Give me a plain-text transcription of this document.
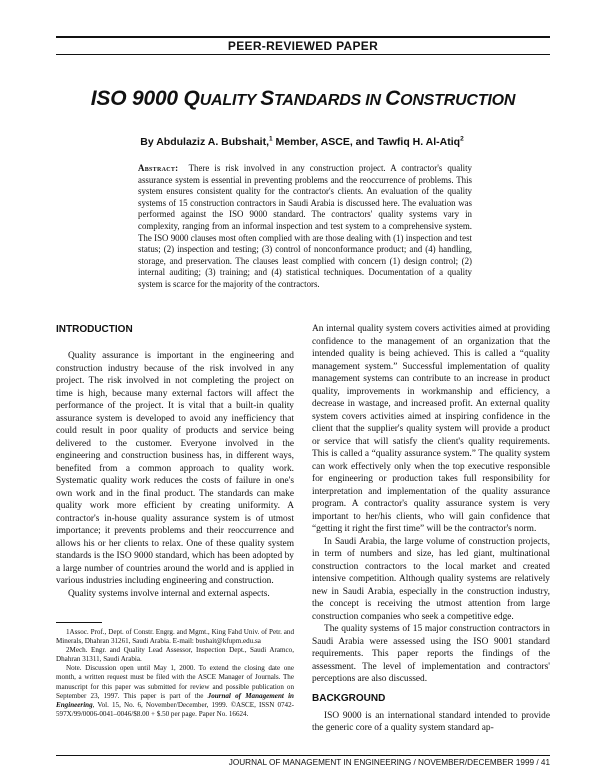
PEER-REVIEWED PAPER
ISO 9000 QUALITY STANDARDS IN CONSTRUCTION
By Abdulaziz A. Bubshait,$^1$ Member, ASCE, and Tawfiq H. Al-Atiq$^2$

Abstract: There is risk involved in any construction project. A contractor's quality assurance system is essential in preventing problems and the reoccurrence of problems. This system ensures consistent quality for the contractor's clients. An evaluation of the quality systems of 15 construction contractors in Saudi Arabia is discussed here. The evaluation was performed against the ISO 9000 standard. The contractors' quality systems vary in complexity, ranging from an informal inspection and test system to a comprehensive system. The ISO 9000 clauses most often complied with are those dealing with (1) inspection and test status; (2) inspection and testing; (3) control of nonconformance product; and (4) handling, storage, and preservation. The clauses least complied with concern (1) design control; (2) internal auditing; (3) training; and (4) statistical techniques. Documentation of a quality system is scarce for the majority of the contractors.

INTRODUCTION

Quality assurance is important in the engineering and construction industry because of the risk involved in any project. The risk involved in not completing the project on time is high, because many external factors will affect the performance of the project. It is vital that a built-in quality assurance system is developed to avoid any inefficiency that could result in poor quality of products and service being delivered to the customer. Everyone involved in the engineering and construction business has, in different ways, benefited from a common approach to quality work. Systematic quality work reduces the costs of failure in one's own work and in the final product. The standards can make quality work more efficient by creating uniformity. A contractor's in-house quality assurance system is of utmost importance; it prevents problems and their reoccurrence and allows his or her clients to relax. One of these quality system standards is the ISO 9000 standard, which has been adopted by a large number of countries around the world and is applied in various industries including engineering and construction.

Quality systems involve internal and external aspects.

1Assoc. Prof., Dept. of Constr. Engrg. and Mgmt., King Fahd Univ. of Petr. and Minerals, Dhahran 31261, Saudi Arabia. E-mail: bushait@kfupm.edu.sa

2Mech. Engr. and Quality Lead Assessor, Inspection Dept., Saudi Aramco, Dhahran 31311, Saudi Arabia.

Note. Discussion open until May 1, 2000. To extend the closing date one month, a written request must be filed with the ASCE Manager of Journals. The manuscript for this paper was submitted for review and possible publication on September 23, 1997. This paper is part of the Journal of Management in Engineering, Vol. 15, No. 6, November/December, 1999. ©ASCE, ISSN 0742-597X/99/0006-0041–0046/$8.00 + $.50 per page. Paper No. 16624.

An internal quality system covers activities aimed at providing confidence to the management of an organization that the intended quality is being achieved. This is called a “quality management system.” Successful implementation of quality management systems can contribute to an increase in product quality, improvements in workmanship and efficiency, a decrease in wastage, and increased profit. An external quality system covers activities aimed at inspiring confidence in the client that the supplier's quality system will provide a product or service that will satisfy the client's quality requirements. This is called a “quality assurance system.” The quality system can work effectively only when the top executive responsible for engineering or production takes full responsibility for interpretation and implementation of the quality assurance program. A contractor's quality assurance system is very important to her/his clients, who will gain confidence that “getting it right the first time” will be the contractor's norm.

In Saudi Arabia, the large volume of construction projects, in term of numbers and size, has led giant, multinational construction contractors to the local market and created intensive competition. Although quality systems are relatively new in Saudi Arabia, especially in the construction industry, the concept is receiving the utmost attention from large construction companies who seek a competitive edge.

The quality systems of 15 major construction contractors in Saudi Arabia were assessed using the ISO 9001 standard requirements. This paper reports the findings of the assessment. The level of implementation and contractors' perceptions are also discussed.

BACKGROUND

ISO 9000 is an international standard intended to provide the generic core of a quality system standard ap-

JOURNAL OF MANAGEMENT IN ENGINEERING / NOVEMBER/DECEMBER 1999 / 41
